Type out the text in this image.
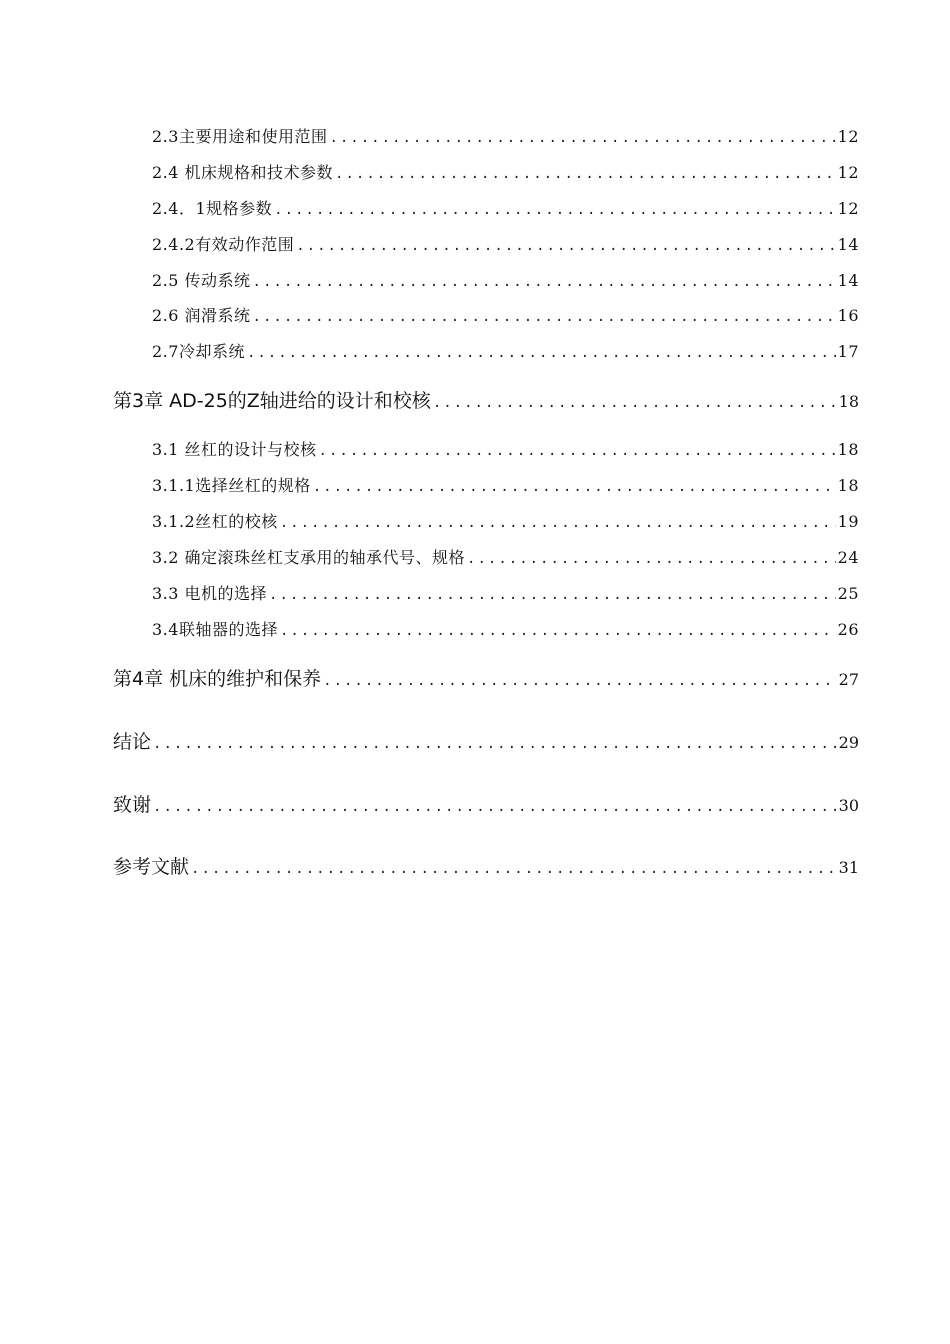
2.3主要用途和使用范围 .....	12
2.4 机床规格和技术参数 .....	12
2.4．1规格参数 .....	12
2.4.2有效动作范围 .....	14
2.5 传动系统 .....	14
2.6 润滑系统 .....	16
2.7冷却系统 .....	17
第3章 AD-25的Z轴进给的设计和校核 .....	18
3.1 丝杠的设计与校核 .....	18
3.1.1选择丝杠的规格 .....	18
3.1.2丝杠的校核 .....	19
3.2 确定滚珠丝杠支承用的轴承代号、规格 .....	24
3.3 电机的选择 .....	25
3.4联轴器的选择 .....	26
第4章 机床的维护和保养 .....	27
结论 .....	29
致谢 .....	30
参考文献 .....	31
